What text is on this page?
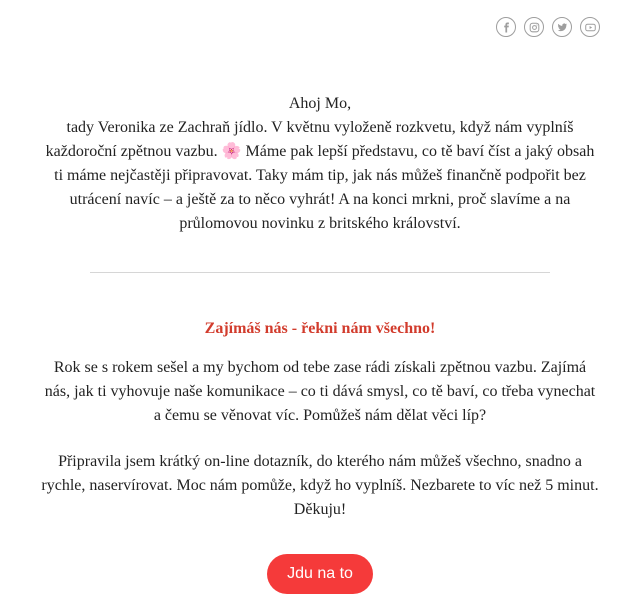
Ahoj Mo,

tady Veronika ze Zachraň jídlo. V květnu vyloženě rozkvetu, když nám vyplníš každoroční zpětnou vazbu. 🌸 Máme pak lepší představu, co tě baví číst a jaký obsah ti máme nejčastěji připravovat. Taky mám tip, jak nás můžeš finančně podpořit bez utrácení navíc – a ještě za to něco vyhrát! A na konci mrkni, proč slavíme a na průlomovou novinku z britského království.

Zajímáš nás - řekni nám všechno!

Rok se s rokem sešel a my bychom od tebe zase rádi získali zpětnou vazbu. Zajímá nás, jak ti vyhovuje naše komunikace – co ti dává smysl, co tě baví, co třeba vynechat a čemu se věnovat víc. Pomůžeš nám dělat věci líp?

Připravila jsem krátký on-line dotazník, do kterého nám můžeš všechno, snadno a rychle, naservírovat. Moc nám pomůže, když ho vyplníš. Nezbarete to víc než 5 minut. Děkuju!

Jdu na to
